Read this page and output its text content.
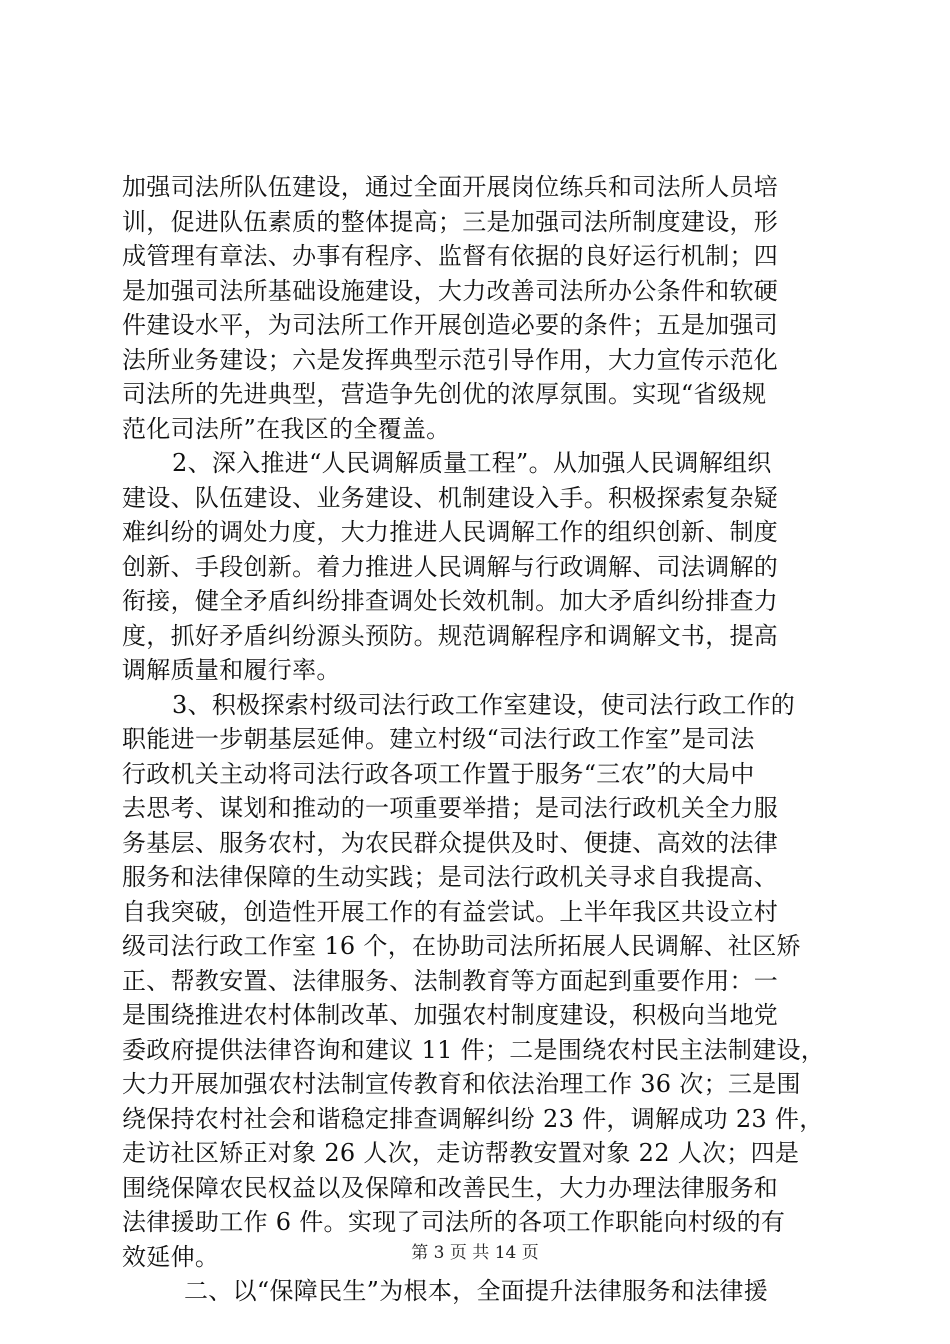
加强司法所队伍建设，通过全面开展岗位练兵和司法所人员培
训，促进队伍素质的整体提高；三是加强司法所制度建设，形
成管理有章法、办事有程序、监督有依据的良好运行机制；四
是加强司法所基础设施建设，大力改善司法所办公条件和软硬
件建设水平，为司法所工作开展创造必要的条件；五是加强司
法所业务建设；六是发挥典型示范引导作用，大力宣传示范化
司法所的先进典型，营造争先创优的浓厚氛围。实现“省级规
范化司法所”在我区的全覆盖。
2、深入推进“人民调解质量工程”。从加强人民调解组织
建设、队伍建设、业务建设、机制建设入手。积极探索复杂疑
难纠纷的调处力度，大力推进人民调解工作的组织创新、制度
创新、手段创新。着力推进人民调解与行政调解、司法调解的
衔接，健全矛盾纠纷排查调处长效机制。加大矛盾纠纷排查力
度，抓好矛盾纠纷源头预防。规范调解程序和调解文书，提高
调解质量和履行率。
3、积极探索村级司法行政工作室建设，使司法行政工作的
职能进一步朝基层延伸。建立村级“司法行政工作室”是司法
行政机关主动将司法行政各项工作置于服务“三农”的大局中
去思考、谋划和推动的一项重要举措；是司法行政机关全力服
务基层、服务农村，为农民群众提供及时、便捷、高效的法律
服务和法律保障的生动实践；是司法行政机关寻求自我提高、
自我突破，创造性开展工作的有益尝试。上半年我区共设立村
级司法行政工作室 16 个，在协助司法所拓展人民调解、社区矫
正、帮教安置、法律服务、法制教育等方面起到重要作用：一
是围绕推进农村体制改革、加强农村制度建设，积极向当地党
委政府提供法律咨询和建议 11 件；二是围绕农村民主法制建设，
大力开展加强农村法制宣传教育和依法治理工作 36 次；三是围
绕保持农村社会和谐稳定排查调解纠纷 23 件，调解成功 23 件，
走访社区矫正对象 26 人次，走访帮教安置对象 22 人次；四是
围绕保障农民权益以及保障和改善民生，大力办理法律服务和
法律援助工作 6 件。实现了司法所的各项工作职能向村级的有
效延伸。
二、以“保障民生”为根本，全面提升法律服务和法律援
第 3 页 共 14 页
